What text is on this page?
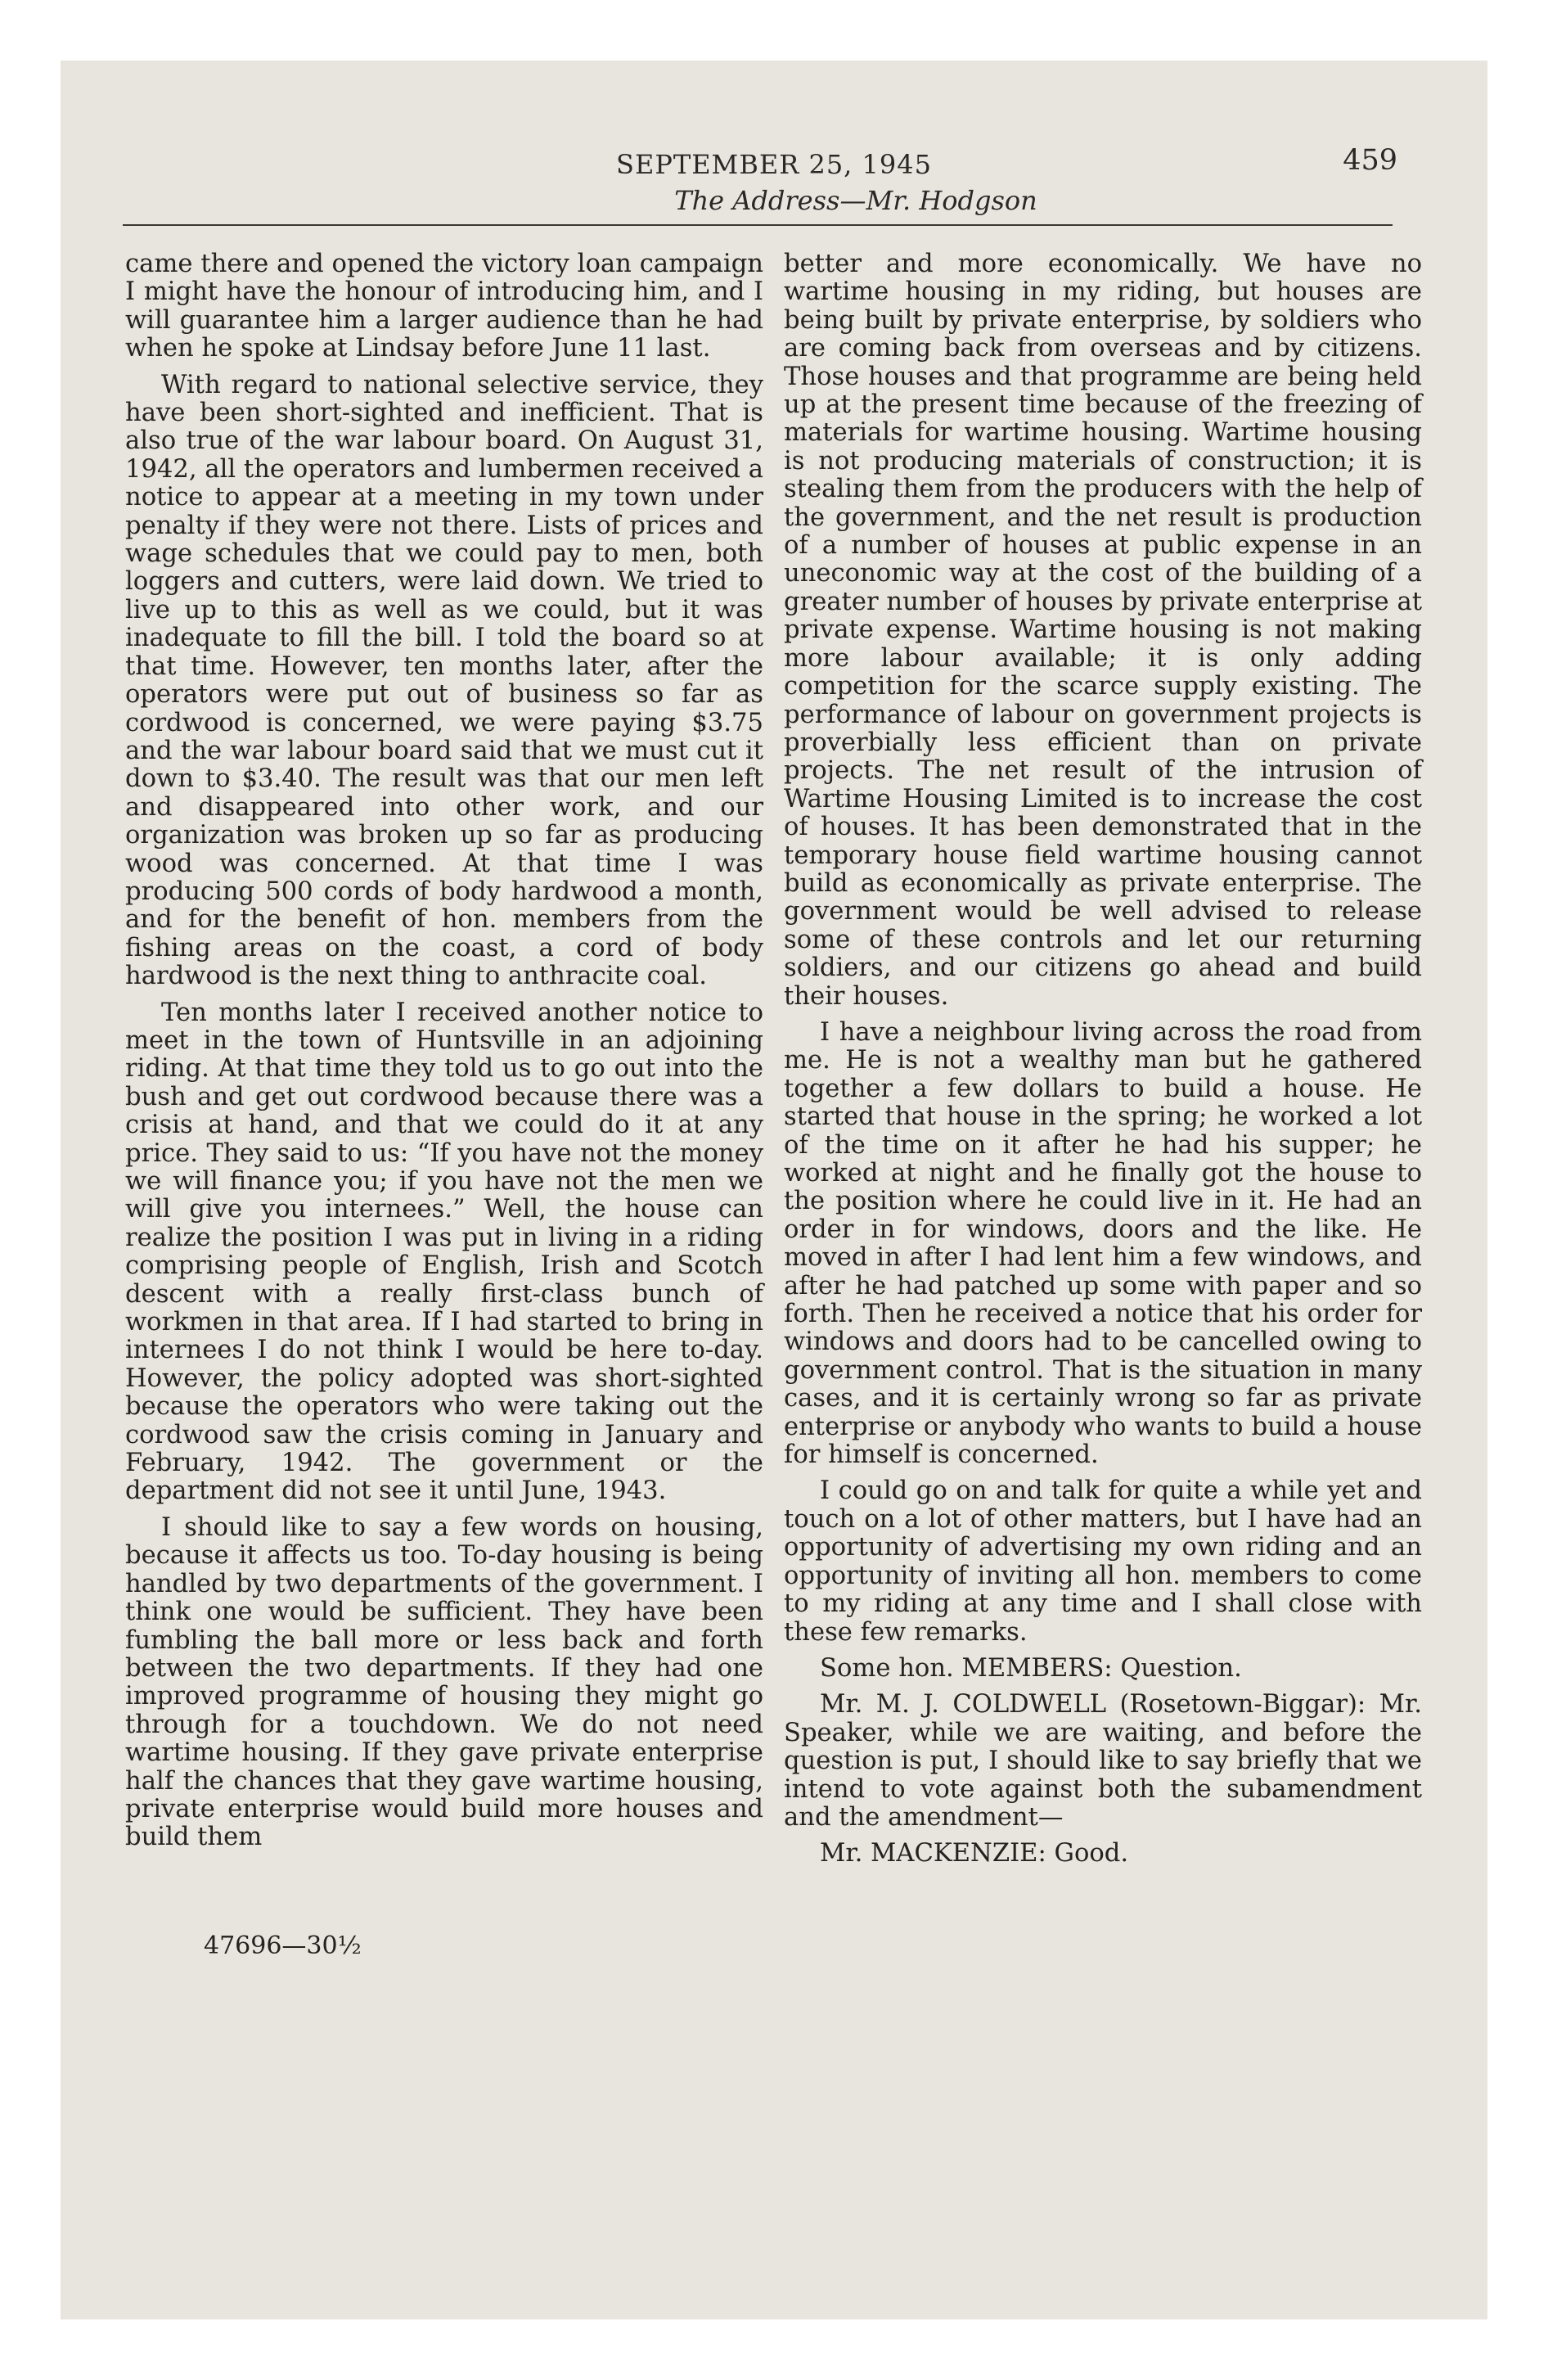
SEPTEMBER 25, 1945	459
The Address—Mr. Hodgson

came there and opened the victory loan campaign I might have the honour of introducing him, and I will guarantee him a larger audience than he had when he spoke at Lindsay before June 11 last.

With regard to national selective service, they have been short-sighted and inefficient. That is also true of the war labour board. On August 31, 1942, all the operators and lumbermen received a notice to appear at a meeting in my town under penalty if they were not there. Lists of prices and wage schedules that we could pay to men, both loggers and cutters, were laid down. We tried to live up to this as well as we could, but it was inadequate to fill the bill. I told the board so at that time. However, ten months later, after the operators were put out of business so far as cordwood is concerned, we were paying $3.75 and the war labour board said that we must cut it down to $3.40. The result was that our men left and disappeared into other work, and our organization was broken up so far as producing wood was concerned. At that time I was producing 500 cords of body hardwood a month, and for the benefit of hon. members from the fishing areas on the coast, a cord of body hardwood is the next thing to anthracite coal.

Ten months later I received another notice to meet in the town of Huntsville in an adjoining riding. At that time they told us to go out into the bush and get out cordwood because there was a crisis at hand, and that we could do it at any price. They said to us: “If you have not the money we will finance you; if you have not the men we will give you internees.” Well, the house can realize the position I was put in living in a riding comprising people of English, Irish and Scotch descent with a really first-class bunch of workmen in that area. If I had started to bring in internees I do not think I would be here to-day. However, the policy adopted was short-sighted because the operators who were taking out the cordwood saw the crisis coming in January and February, 1942. The government or the department did not see it until June, 1943.

I should like to say a few words on housing, because it affects us too. To-day housing is being handled by two departments of the government. I think one would be sufficient. They have been fumbling the ball more or less back and forth between the two departments. If they had one improved programme of housing they might go through for a touchdown. We do not need wartime housing. If they gave private enterprise half the chances that they gave wartime housing, private enterprise would build more houses and build them

47696—30½

better and more economically. We have no wartime housing in my riding, but houses are being built by private enterprise, by soldiers who are coming back from overseas and by citizens. Those houses and that programme are being held up at the present time because of the freezing of materials for wartime housing. Wartime housing is not producing materials of construction; it is stealing them from the producers with the help of the government, and the net result is production of a number of houses at public expense in an uneconomic way at the cost of the building of a greater number of houses by private enterprise at private expense. Wartime housing is not making more labour available; it is only adding competition for the scarce supply existing. The performance of labour on government projects is proverbially less efficient than on private projects. The net result of the intrusion of Wartime Housing Limited is to increase the cost of houses. It has been demonstrated that in the temporary house field wartime housing cannot build as economically as private enterprise. The government would be well advised to release some of these controls and let our returning soldiers, and our citizens go ahead and build their houses.

I have a neighbour living across the road from me. He is not a wealthy man but he gathered together a few dollars to build a house. He started that house in the spring; he worked a lot of the time on it after he had his supper; he worked at night and he finally got the house to the position where he could live in it. He had an order in for windows, doors and the like. He moved in after I had lent him a few windows, and after he had patched up some with paper and so forth. Then he received a notice that his order for windows and doors had to be cancelled owing to government control. That is the situation in many cases, and it is certainly wrong so far as private enterprise or anybody who wants to build a house for himself is concerned.

I could go on and talk for quite a while yet and touch on a lot of other matters, but I have had an opportunity of advertising my own riding and an opportunity of inviting all hon. members to come to my riding at any time and I shall close with these few remarks.

Some hon. MEMBERS: Question.

Mr. M. J. COLDWELL (Rosetown-Biggar): Mr. Speaker, while we are waiting, and before the question is put, I should like to say briefly that we intend to vote against both the subamendment and the amendment—

Mr. MACKENZIE: Good.
